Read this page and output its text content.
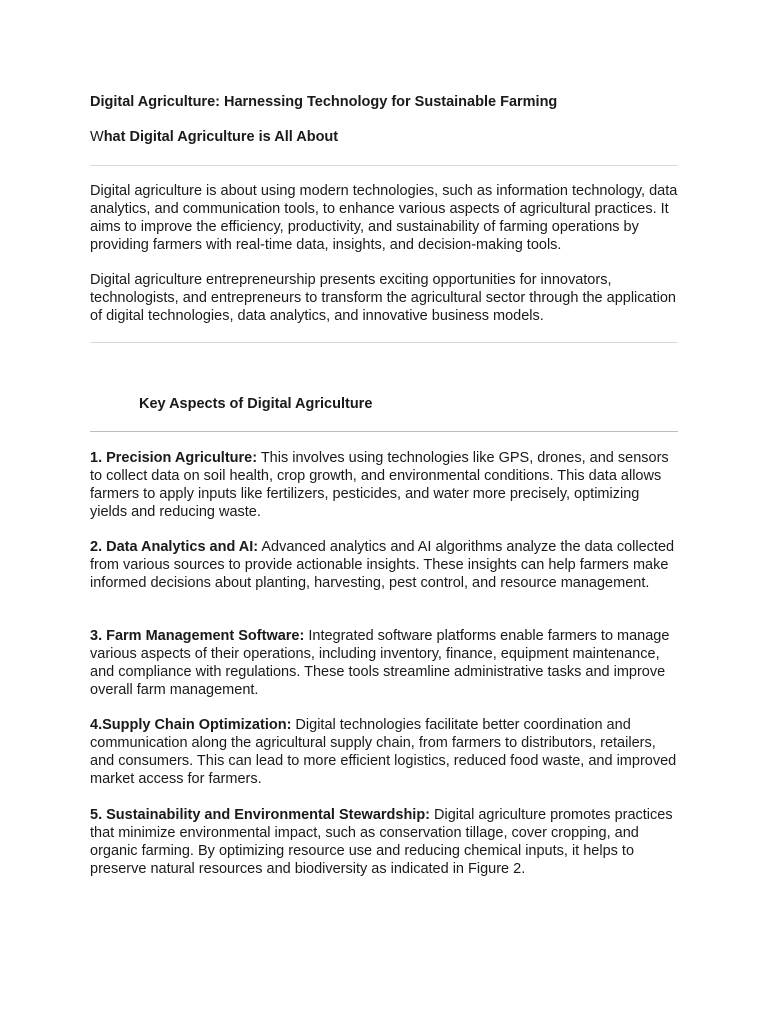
Digital Agriculture: Harnessing Technology for Sustainable Farming
What Digital Agriculture is All About

Digital agriculture is about using modern technologies, such as information technology, data analytics, and communication tools, to enhance various aspects of agricultural practices. It aims to improve the efficiency, productivity, and sustainability of farming operations by providing farmers with real-time data, insights, and decision-making tools.

Digital agriculture entrepreneurship presents exciting opportunities for innovators, technologists, and entrepreneurs to transform the agricultural sector through the application of digital technologies, data analytics, and innovative business models.

Key Aspects of Digital Agriculture

1. Precision Agriculture: This involves using technologies like GPS, drones, and sensors to collect data on soil health, crop growth, and environmental conditions. This data allows farmers to apply inputs like fertilizers, pesticides, and water more precisely, optimizing yields and reducing waste.

2. Data Analytics and AI: Advanced analytics and AI algorithms analyze the data collected from various sources to provide actionable insights. These insights can help farmers make informed decisions about planting, harvesting, pest control, and resource management.

3. Farm Management Software: Integrated software platforms enable farmers to manage various aspects of their operations, including inventory, finance, equipment maintenance, and compliance with regulations. These tools streamline administrative tasks and improve overall farm management.

4.Supply Chain Optimization: Digital technologies facilitate better coordination and communication along the agricultural supply chain, from farmers to distributors, retailers, and consumers. This can lead to more efficient logistics, reduced food waste, and improved market access for farmers.

5. Sustainability and Environmental Stewardship: Digital agriculture promotes practices that minimize environmental impact, such as conservation tillage, cover cropping, and organic farming. By optimizing resource use and reducing chemical inputs, it helps to preserve natural resources and biodiversity as indicated in Figure 2.
